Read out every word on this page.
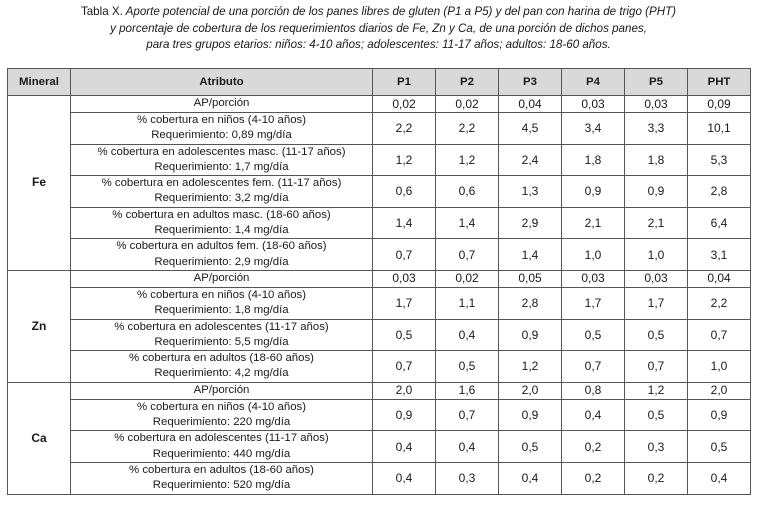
Tabla X. Aporte potencial de una porción de los panes libres de gluten (P1 a P5) y del pan con harina de trigo (PHT)
y porcentaje de cobertura de los requerimientos diarios de Fe, Zn y Ca, de una porción de dichos panes,
para tres grupos etarios: niños: 4-10 años; adolescentes: 11-17 años; adultos: 18-60 años.
Mineral	Atributo	P1	P2	P3	P4	P5	PHT
Fe	AP/porción	0,02	0,02	0,04	0,03	0,03	0,09

	% cobertura en niños (4-10 años)
Requerimiento: 0,89 mg/día	2,2	2,2	4,5	3,4	3,3	10,1

	% cobertura en adolescentes masc. (11-17 años)
Requerimiento: 1,7 mg/día	1,2	1,2	2,4	1,8	1,8	5,3

	% cobertura en adolescentes fem. (11-17 años)
Requerimiento: 3,2 mg/día	0,6	0,6	1,3	0,9	0,9	2,8

	% cobertura en adultos masc. (18-60 años)
Requerimiento: 1,4 mg/día	1,4	1,4	2,9	2,1	2,1	6,4

	% cobertura en adultos fem. (18-60 años)
Requerimiento: 2,9 mg/día	0,7	0,7	1,4	1,0	1,0	3,1
Zn	AP/porción	0,03	0,02	0,05	0,03	0,03	0,04

	% cobertura en niños (4-10 años)
Requerimiento: 1,8 mg/día	1,7	1,1	2,8	1,7	1,7	2,2

	% cobertura en adolescentes (11-17 años)
Requerimiento: 5,5 mg/día	0,5	0,4	0,9	0,5	0,5	0,7

	% cobertura en adultos (18-60 años)
Requerimiento: 4,2 mg/día	0,7	0,5	1,2	0,7	0,7	1,0
Ca	AP/porción	2,0	1,6	2,0	0,8	1,2	2,0

	% cobertura en niños (4-10 años)
Requerimiento: 220 mg/día	0,9	0,7	0,9	0,4	0,5	0,9

	% cobertura en adolescentes (11-17 años)
Requerimiento: 440 mg/día	0,4	0,4	0,5	0,2	0,3	0,5

	% cobertura en adultos (18-60 años)
Requerimiento: 520 mg/día	0,4	0,3	0,4	0,2	0,2	0,4
